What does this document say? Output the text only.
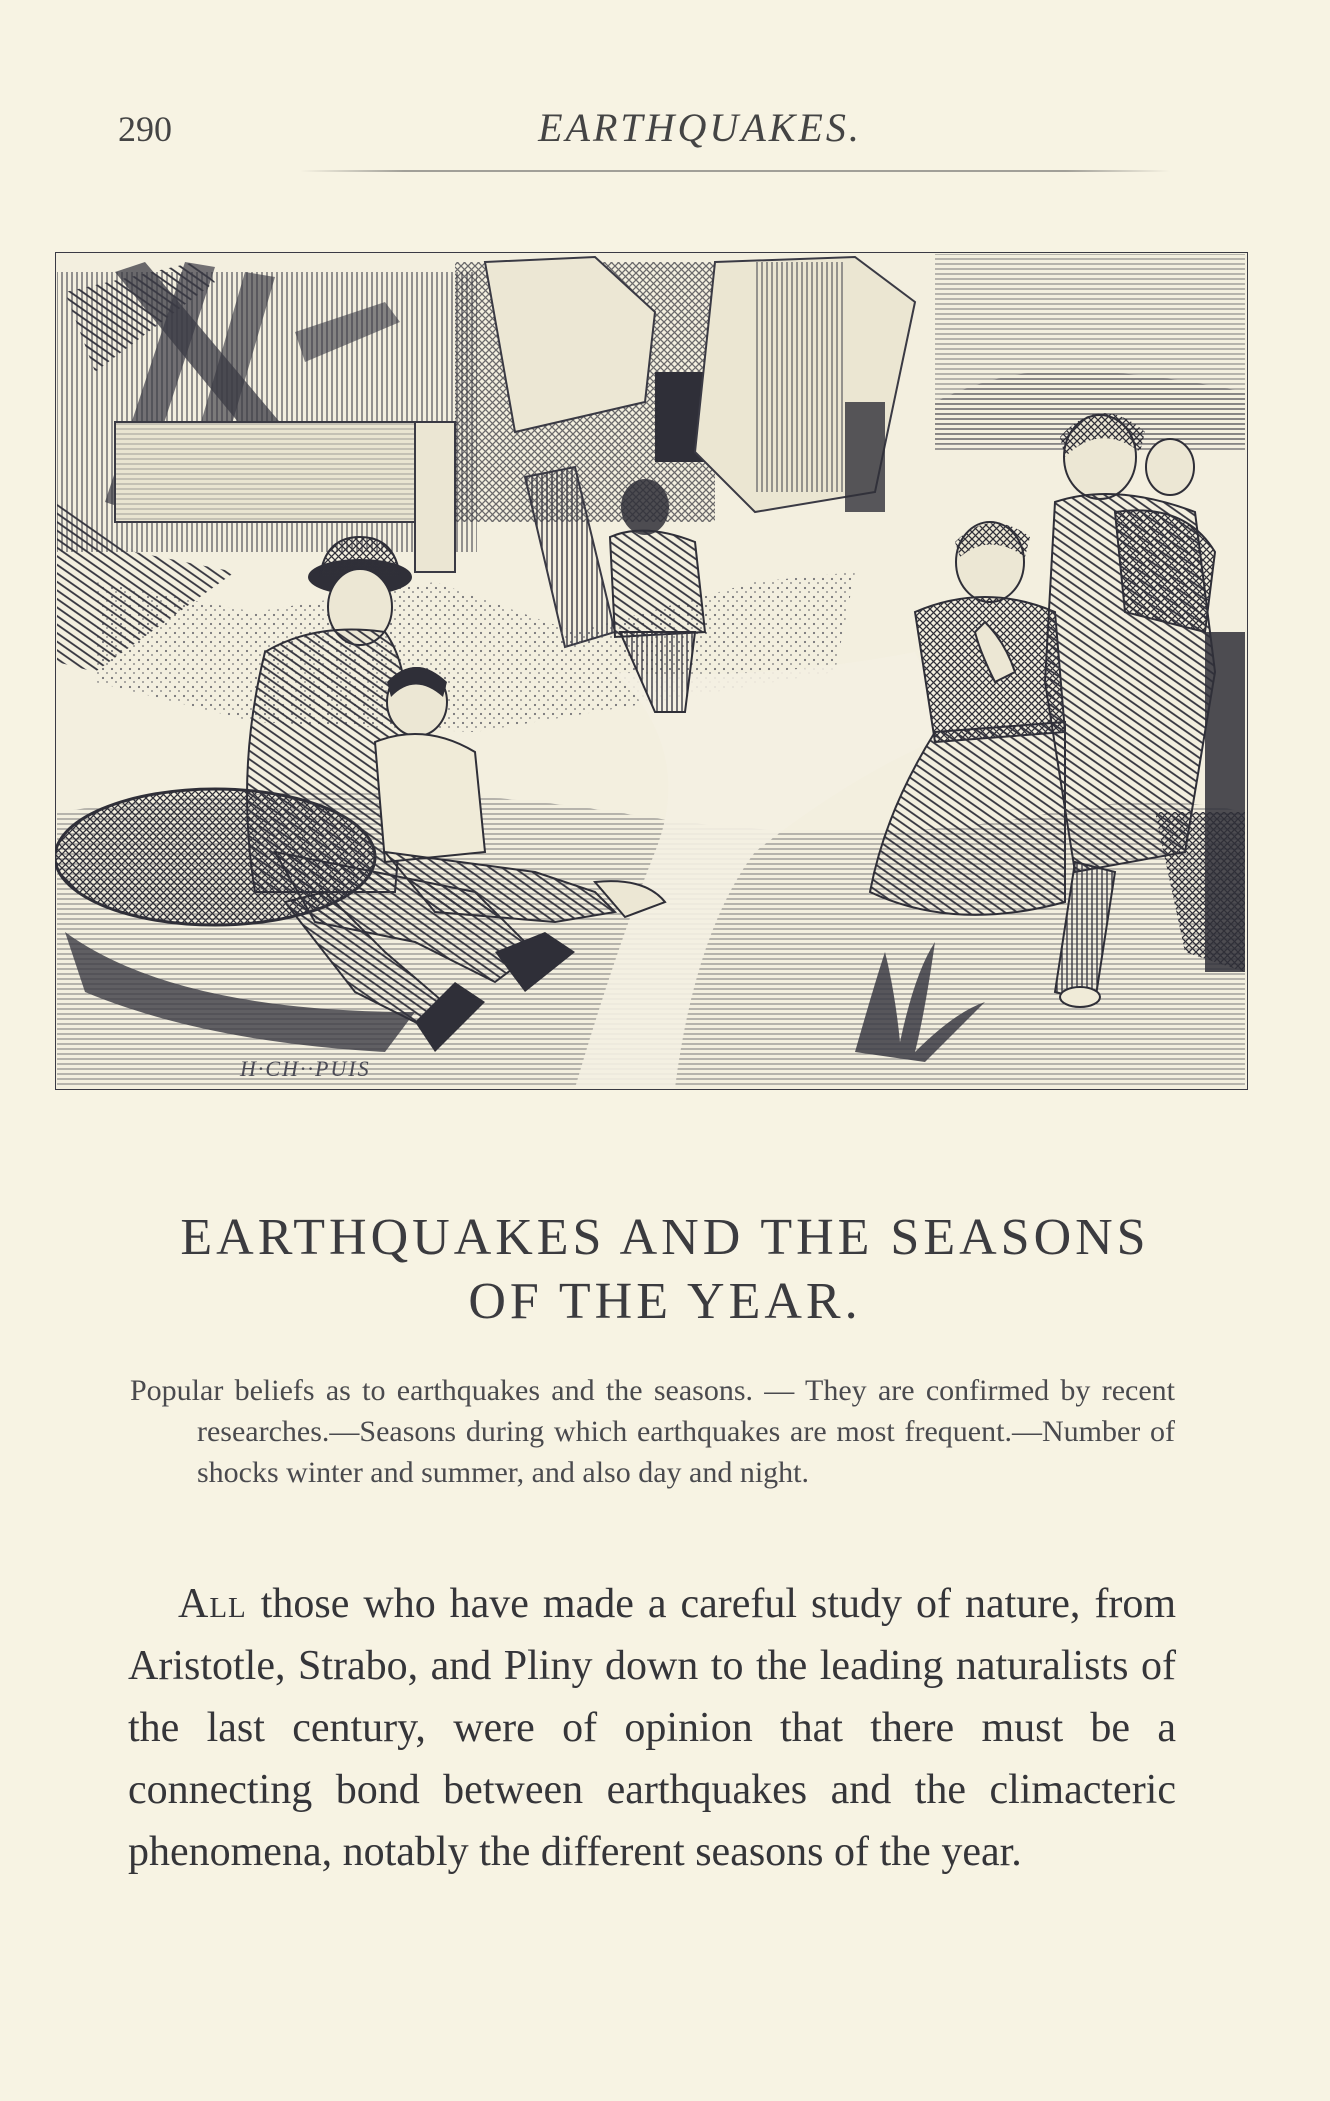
290	EARTHQUAKES.
H·CH··PUIS
EARTHQUAKES AND THE SEASONS
OF THE YEAR.

Popular beliefs as to earthquakes and the seasons. — They are confirmed by recent researches.—Seasons during which earthquakes are most frequent.—Number of shocks winter and summer, and also day and night.

All those who have made a careful study of nature, from Aristotle, Strabo, and Pliny down to the leading naturalists of the last century, were of opinion that there must be a connecting bond between earthquakes and the climacteric phenomena, notably the different seasons of the year.
